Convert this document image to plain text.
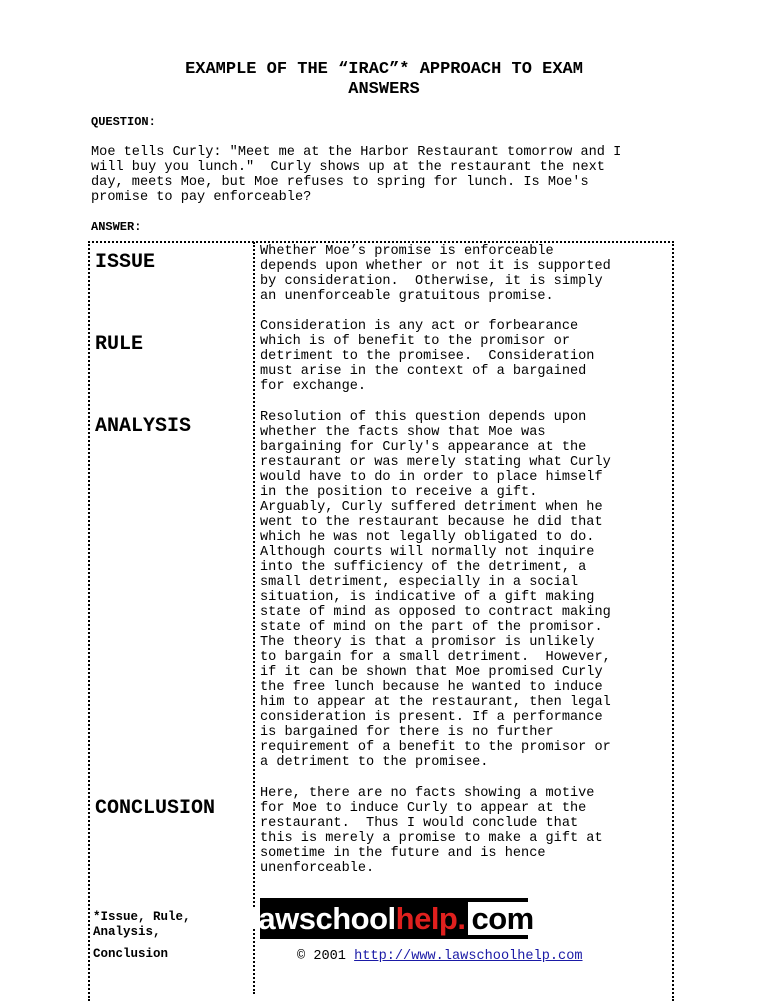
EXAMPLE OF THE “IRAC”* APPROACH TO EXAM
ANSWERS
QUESTION:
Moe tells Curly: "Meet me at the Harbor Restaurant tomorrow and I
will buy you lunch."  Curly shows up at the restaurant the next
day, meets Moe, but Moe refuses to spring for lunch. Is Moe's
promise to pay enforceable?
ANSWER:
ISSUE	Whether Moe’s promise is enforceable
depends upon whether or not it is supported
by consideration.  Otherwise, it is simply
an unenforceable gratuitous promise.
RULE
Consideration is any act or forbearance
which is of benefit to the promisor or
detriment to the promisee.  Consideration
must arise in the context of a bargained
for exchange.
ANALYSIS	Resolution of this question depends upon
whether the facts show that Moe was
bargaining for Curly's appearance at the
restaurant or was merely stating what Curly
would have to do in order to place himself
in the position to receive a gift.
Arguably, Curly suffered detriment when he
went to the restaurant because he did that
which he was not legally obligated to do.
Although courts will normally not inquire
into the sufficiency of the detriment, a
small detriment, especially in a social
situation, is indicative of a gift making
state of mind as opposed to contract making
state of mind on the part of the promisor.
The theory is that a promisor is unlikely
to bargain for a small detriment.  However,
if it can be shown that Moe promised Curly
the free lunch because he wanted to induce
him to appear at the restaurant, then legal
consideration is present. If a performance
is bargained for there is no further
requirement of a benefit to the promisor or
a detriment to the promisee.
CONCLUSION
Here, there are no facts showing a motive
for Moe to induce Curly to appear at the
restaurant.  Thus I would conclude that
this is merely a promise to make a gift at
sometime in the future and is hence
unenforceable.
*Issue, Rule,
Analysis,
Conclusion
lawschool help . com
© 2001 http://www.lawschoolhelp.com
